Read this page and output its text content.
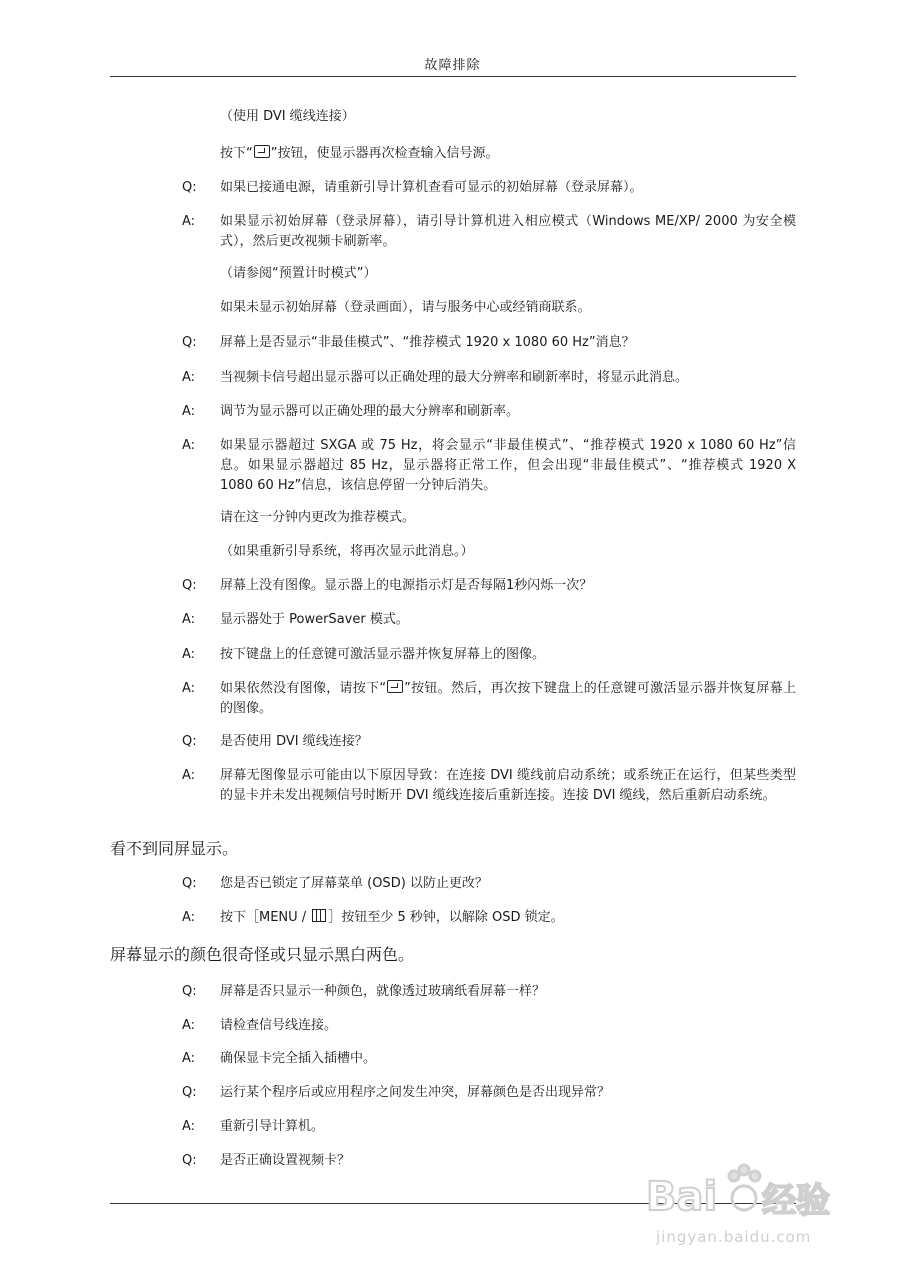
故障排除
（使用 DVI 缆线连接）
按下“ ”按钮，使显示器再次检查输入信号源。
Q: 如果已接通电源，请重新引导计算机查看可显示的初始屏幕（登录屏幕）。
A: 如果显示初始屏幕（登录屏幕），请引导计算机进入相应模式（Windows ME/XP/ 2000 为安全模式），然后更改视频卡刷新率。
（请参阅“预置计时模式”）
如果未显示初始屏幕（登录画面），请与服务中心或经销商联系。
Q: 屏幕上是否显示“非最佳模式”、“推荐模式 1920 x 1080 60 Hz”消息？
A: 当视频卡信号超出显示器可以正确处理的最大分辨率和刷新率时，将显示此消息。
A: 调节为显示器可以正确处理的最大分辨率和刷新率。
A: 如果显示器超过 SXGA 或 75 Hz，将会显示“非最佳模式”、“推荐模式 1920 x 1080 60 Hz”信息。如果显示器超过 85 Hz，显示器将正常工作，但会出现“非最佳模式”、“推荐模式 1920 X 1080 60 Hz”信息，该信息停留一分钟后消失。
请在这一分钟内更改为推荐模式。
（如果重新引导系统，将再次显示此消息。）
Q: 屏幕上没有图像。显示器上的电源指示灯是否每隔1秒闪烁一次？
A: 显示器处于 PowerSaver 模式。
A: 按下键盘上的任意键可激活显示器并恢复屏幕上的图像。
A: 如果依然没有图像，请按下“ ”按钮。然后，再次按下键盘上的任意键可激活显示器并恢复屏幕上的图像。
Q: 是否使用 DVI 缆线连接？
A: 屏幕无图像显示可能由以下原因导致：在连接 DVI 缆线前启动系统；或系统正在运行，但某些类型的显卡并未发出视频信号时断开 DVI 缆线连接后重新连接。连接 DVI 缆线，然后重新启动系统。
看不到同屏显示。
Q: 您是否已锁定了屏幕菜单 (OSD) 以防止更改？
A: 按下［MENU / ］按钮至少 5 秒钟，以解除 OSD 锁定。
屏幕显示的颜色很奇怪或只显示黑白两色。
Q: 屏幕是否只显示一种颜色，就像透过玻璃纸看屏幕一样？
A: 请检查信号线连接。
A: 确保显卡完全插入插槽中。
Q: 运行某个程序后或应用程序之间发生冲突，屏幕颜色是否出现异常？
A: 重新引导计算机。
Q: 是否正确设置视频卡？
Bai 经验
jingyan.baidu.com
